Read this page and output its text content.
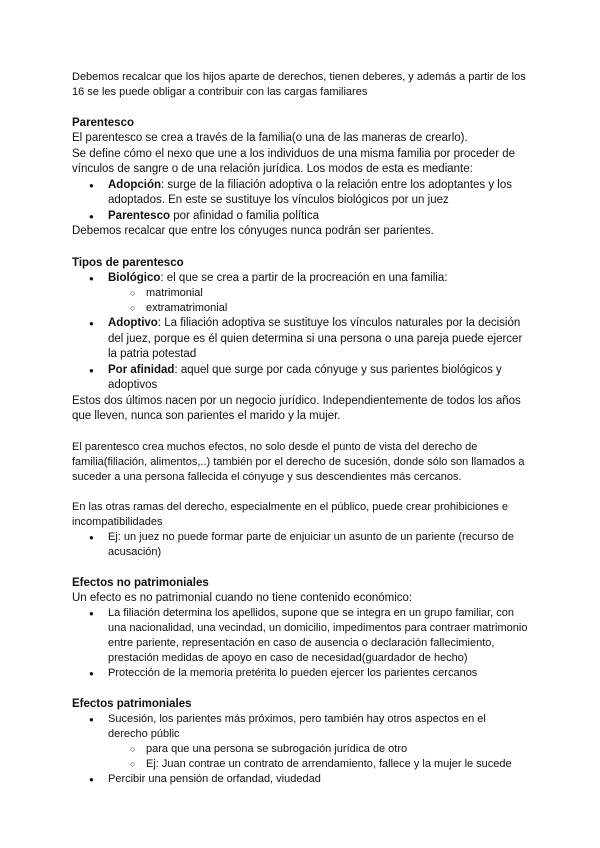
Debemos recalcar que los hijos aparte de derechos, tienen deberes, y además a partir de los 16 se les puede obligar a contribuir con las cargas familiares

Parentesco

El parentesco se crea a través de la familia(o una de las maneras de crearlo).

Se define cómo el nexo que une a los individuos de una misma familia por proceder de vínculos de sangre o de una relación jurídica. Los modos de esta es mediante:

● Adopción: surge de la filiación adoptiva o la relación entre los adoptantes y los adoptados. En este se sustituye los vínculos biológicos por un juez
● Parentesco por afinidad o familia política

Debemos recalcar que entre los cónyuges nunca podrán ser parientes.

Tipos de parentesco

● Biológico: el que se crea a partir de la procreación en una familia:
○ matrimonial
○ extramatrimonial
● Adoptivo: La filiación adoptiva se sustituye los vínculos naturales por la decisión del juez, porque es él quien determina si una persona o una pareja puede ejercer la patria potestad
● Por afinidad: aquel que surge por cada cónyuge y sus parientes biológicos y adoptivos

Estos dos últimos nacen por un negocio jurídico. Independientemente de todos los años que lleven, nunca son parientes el marido y la mujer.

El parentesco crea muchos efectos, no solo desde el punto de vista del derecho de familia(filiación, alimentos,..) también por el derecho de sucesión, donde sólo son llamados a suceder a una persona fallecida el cónyuge y sus descendientes más cercanos.

En las otras ramas del derecho, especialmente en el público, puede crear prohibiciones e incompatibilidades

● Ej: un juez no puede formar parte de enjuiciar un asunto de un pariente (recurso de acusación)

Efectos no patrimoniales

Un efecto es no patrimonial cuando no tiene contenido económico:

● La filiación determina los apellidos, supone que se integra en un grupo familiar, con una nacionalidad, una vecindad, un domicilio, impedimentos para contraer matrimonio entre pariente, representación en caso de ausencia o declaración fallecimiento, prestación medidas de apoyo en caso de necesidad(guardador de hecho)
● Protección de la memoria pretérita lo pueden ejercer los parientes cercanos

Efectos patrimoniales

● Sucesión, los parientes más próximos, pero también hay otros aspectos en el derecho públic
○ para que una persona se subrogación jurídica de otro
○ Ej: Juan contrae un contrato de arrendamiento, fallece y la mujer le sucede
● Percibir una pensión de orfandad, viudedad
